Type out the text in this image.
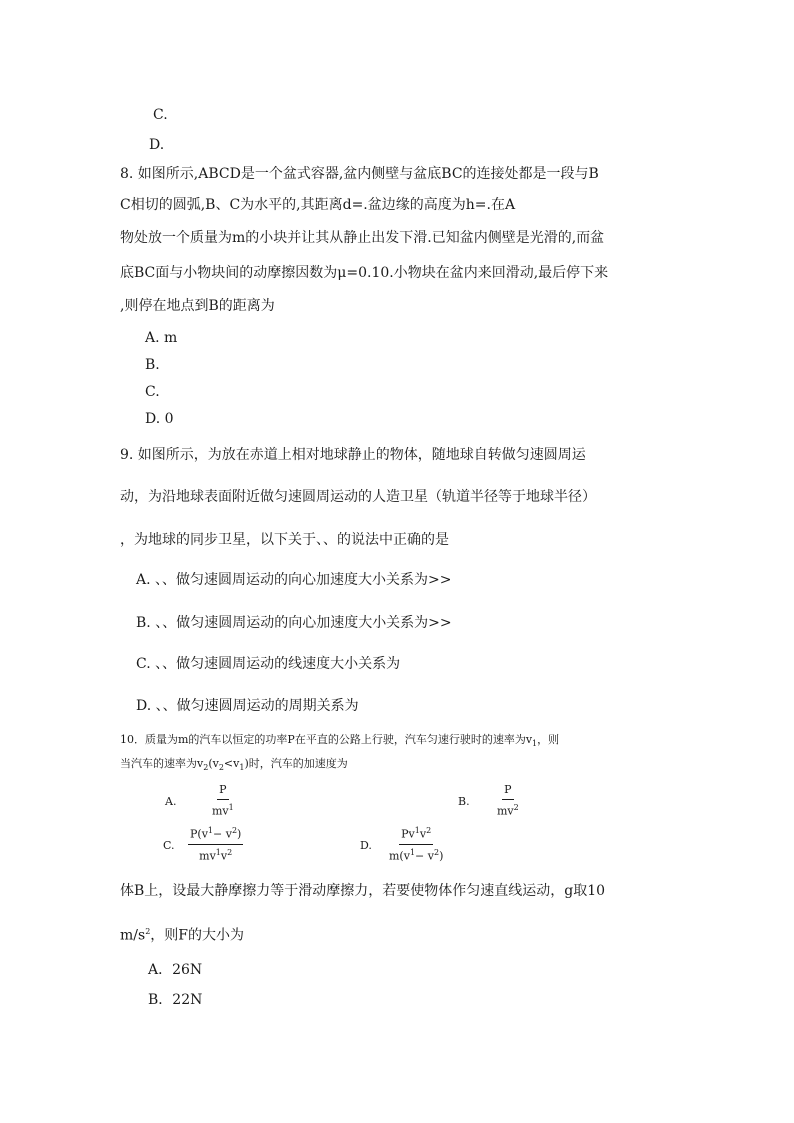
C.
D.
8. 如图所示,ABCD是一个盆式容器,盆内侧壁与盆底BC的连接处都是一段与B
C相切的圆弧,B、C为水平的,其距离d=.盆边缘的高度为h=.在A
物处放一个质量为m的小块并让其从静止出发下滑.已知盆内侧壁是光滑的,而盆
底BC面与小物块间的动摩擦因数为μ=0.10.小物块在盆内来回滑动,最后停下来
,则停在地点到B的距离为
A. m
B.
C.
D. 0
9. 如图所示，为放在赤道上相对地球静止的物体，随地球自转做匀速圆周运
动，为沿地球表面附近做匀速圆周运动的人造卫星（轨道半径等于地球半径）
，为地球的同步卫星，以下关于、、的说法中正确的是
A. 、、做匀速圆周运动的向心加速度大小关系为>>
B. 、、做匀速圆周运动的向心加速度大小关系为>>
C. 、、做匀速圆周运动的线速度大小关系为
D. 、、做匀速圆周运动的周期关系为
10．质量为m的汽车以恒定的功率P在平直的公路上行驶，汽车匀速行驶时的速率为$v_1$，则
当汽车的速率为$v_2(v_2<v_1)$时，汽车的加速度为
A.	$\frac{P}{mv^1}$	B. $\frac{P}{mv^2}$
C. $\frac{P(v^1- v^2)}{mv^1v^2}$	D. $\frac{Pv^1v^2}{m(v^1- v^2)}$
体B上，设最大静摩擦力等于滑动摩擦力，若要使物体作匀速直线运动，g取10
$m/s^2$，则F的大小为
A．26N
B．22N
